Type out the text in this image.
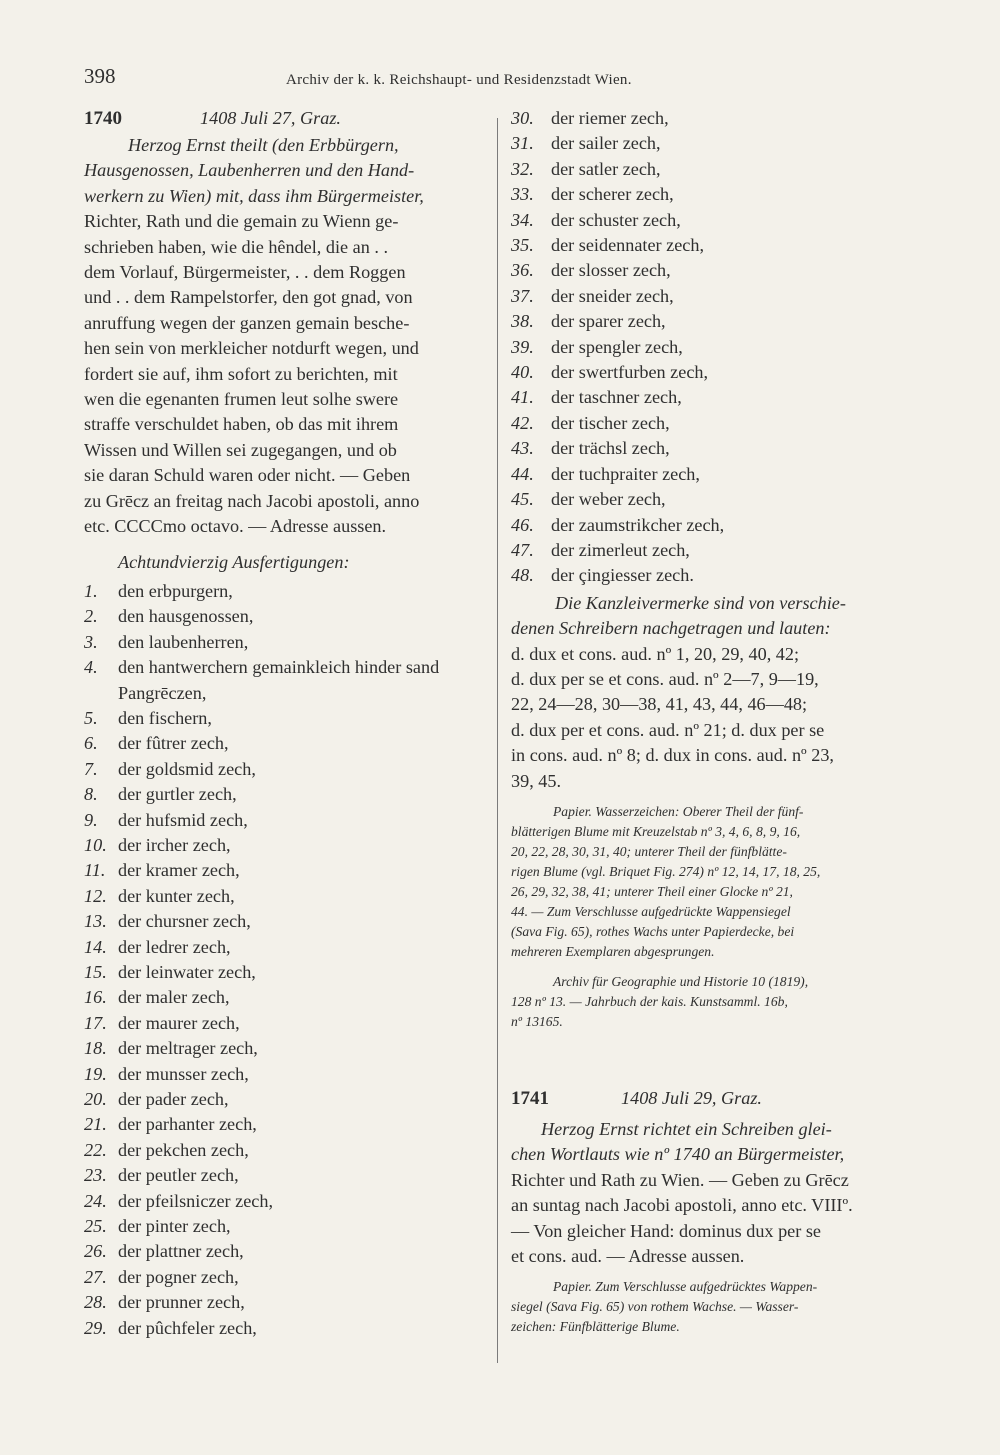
398	Archiv der k. k. Reichshaupt- und Residenzstadt Wien.
1740	1408 Juli 27, Graz.

Herzog Ernst theilt (den Erbbürgern,

Hausgenossen, Laubenherren und den Hand-

werkern zu Wien) mit, dass ihm Bürgermeister,

Richter, Rath und die gemain zu Wienn ge-

schrieben haben, wie die hêndel, die an . .

dem Vorlauf, Bürgermeister, . . dem Roggen

und . . dem Rampelstorfer, den got gnad, von

anruffung wegen der ganzen gemain besche-

hen sein von merkleicher notdurft wegen, und

fordert sie auf, ihm sofort zu berichten, mit

wen die egenanten frumen leut solhe swere

straffe verschuldet haben, ob das mit ihrem

Wissen und Willen sei zugegangen, und ob

sie daran Schuld waren oder nicht. — Geben

zu Grēcz an freitag nach Jacobi apostoli, anno

etc. CCCCmo octavo. — Adresse aussen.

Achtundvierzig Ausfertigungen:
1.	den erbpurgern,
2.	den hausgenossen,
3.	den laubenherren,
4.	den hantwerchern gemainkleich hinder sand Pangrēczen,
5.	den fischern,
6.	der fûtrer zech,
7.	der goldsmid zech,
8.	der gurtler zech,
9.	der hufsmid zech,
10. der ircher zech,
11. der kramer zech,
12. der kunter zech,
13. der chursner zech,
14. der ledrer zech,
15. der leinwater zech,
16. der maler zech,
17. der maurer zech,
18. der meltrager zech,
19. der munsser zech,
20. der pader zech,
21. der parhanter zech,
22. der pekchen zech,
23. der peutler zech,
24. der pfeilsniczer zech,
25. der pinter zech,
26. der plattner zech,
27. der pogner zech,
28. der prunner zech,
29. der pûchfeler zech,
30. der riemer zech,
31. der sailer zech,
32. der satler zech,
33. der scherer zech,
34. der schuster zech,
35. der seidennater zech,
36. der slosser zech,
37. der sneider zech,
38. der sparer zech,
39. der spengler zech,
40. der swertfurben zech,
41. der taschner zech,
42. der tischer zech,
43. der trächsl zech,
44. der tuchpraiter zech,
45. der weber zech,
46. der zaumstrikcher zech,
47. der zimerleut zech,
48. der çingiesser zech.

Die Kanzleivermerke sind von verschie-

denen Schreibern nachgetragen und lauten:

d. dux et cons. aud. nº 1, 20, 29, 40, 42;

d. dux per se et cons. aud. nº 2—7, 9—19,

22, 24—28, 30—38, 41, 43, 44, 46—48;

d. dux per et cons. aud. nº 21; d. dux per se

in cons. aud. nº 8; d. dux in cons. aud. nº 23,

39, 45.

Papier. Wasserzeichen: Oberer Theil der fünf-

blätterigen Blume mit Kreuzelstab nº 3, 4, 6, 8, 9, 16,

20, 22, 28, 30, 31, 40; unterer Theil der fünfblätte-

rigen Blume (vgl. Briquet Fig. 274) nº 12, 14, 17, 18, 25,

26, 29, 32, 38, 41; unterer Theil einer Glocke nº 21,

44. — Zum Verschlusse aufgedrückte Wappensiegel

(Sava Fig. 65), rothes Wachs unter Papierdecke, bei

mehreren Exemplaren abgesprungen.

Archiv für Geographie und Historie 10 (1819),

128 nº 13. — Jahrbuch der kais. Kunstsamml. 16b,

nº 13165.

1741	1408 Juli 29, Graz.

Herzog Ernst richtet ein Schreiben glei-

chen Wortlauts wie nº 1740 an Bürgermeister,

Richter und Rath zu Wien. — Geben zu Grēcz

an suntag nach Jacobi apostoli, anno etc. VIIIº.

— Von gleicher Hand: dominus dux per se

et cons. aud. — Adresse aussen.

Papier. Zum Verschlusse aufgedrücktes Wappen-

siegel (Sava Fig. 65) von rothem Wachse. — Wasser-

zeichen: Fünfblätterige Blume.
